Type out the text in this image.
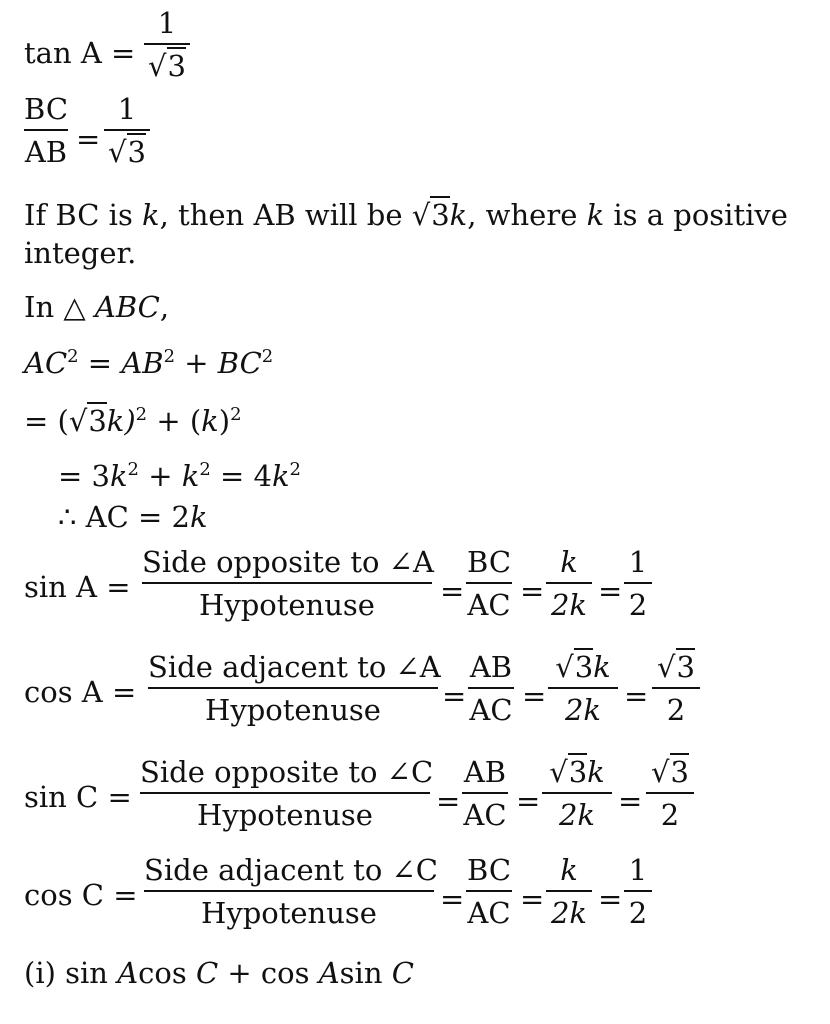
tan A =
1
√3
BC
AB =
1
√3
If BC is k, then AB will be √3k, where k is a positive
integer.
In △ ABC,
$AC^2 = AB^2 + BC^2$
= $(√3k)^2 + (k)^2$
= $3k^2 + k^2 = 4k^2$
∴ AC = 2k
sin A =
Side opposite to ∠A
Hypotenuse	=
BC
AC =
k
2k =
1
2
cos A =
Side adjacent to ∠A
Hypotenuse	=
AB
AC =
√3k
2k =
√3
2
sin C =
Side opposite to ∠C
Hypotenuse	=
AB
AC =
√3k
2k =
√3
2
cos C =
Side adjacent to ∠C
Hypotenuse	=
BC
AC =
k
2k =
1
2
(i) sin Acos C + cos Asin C
